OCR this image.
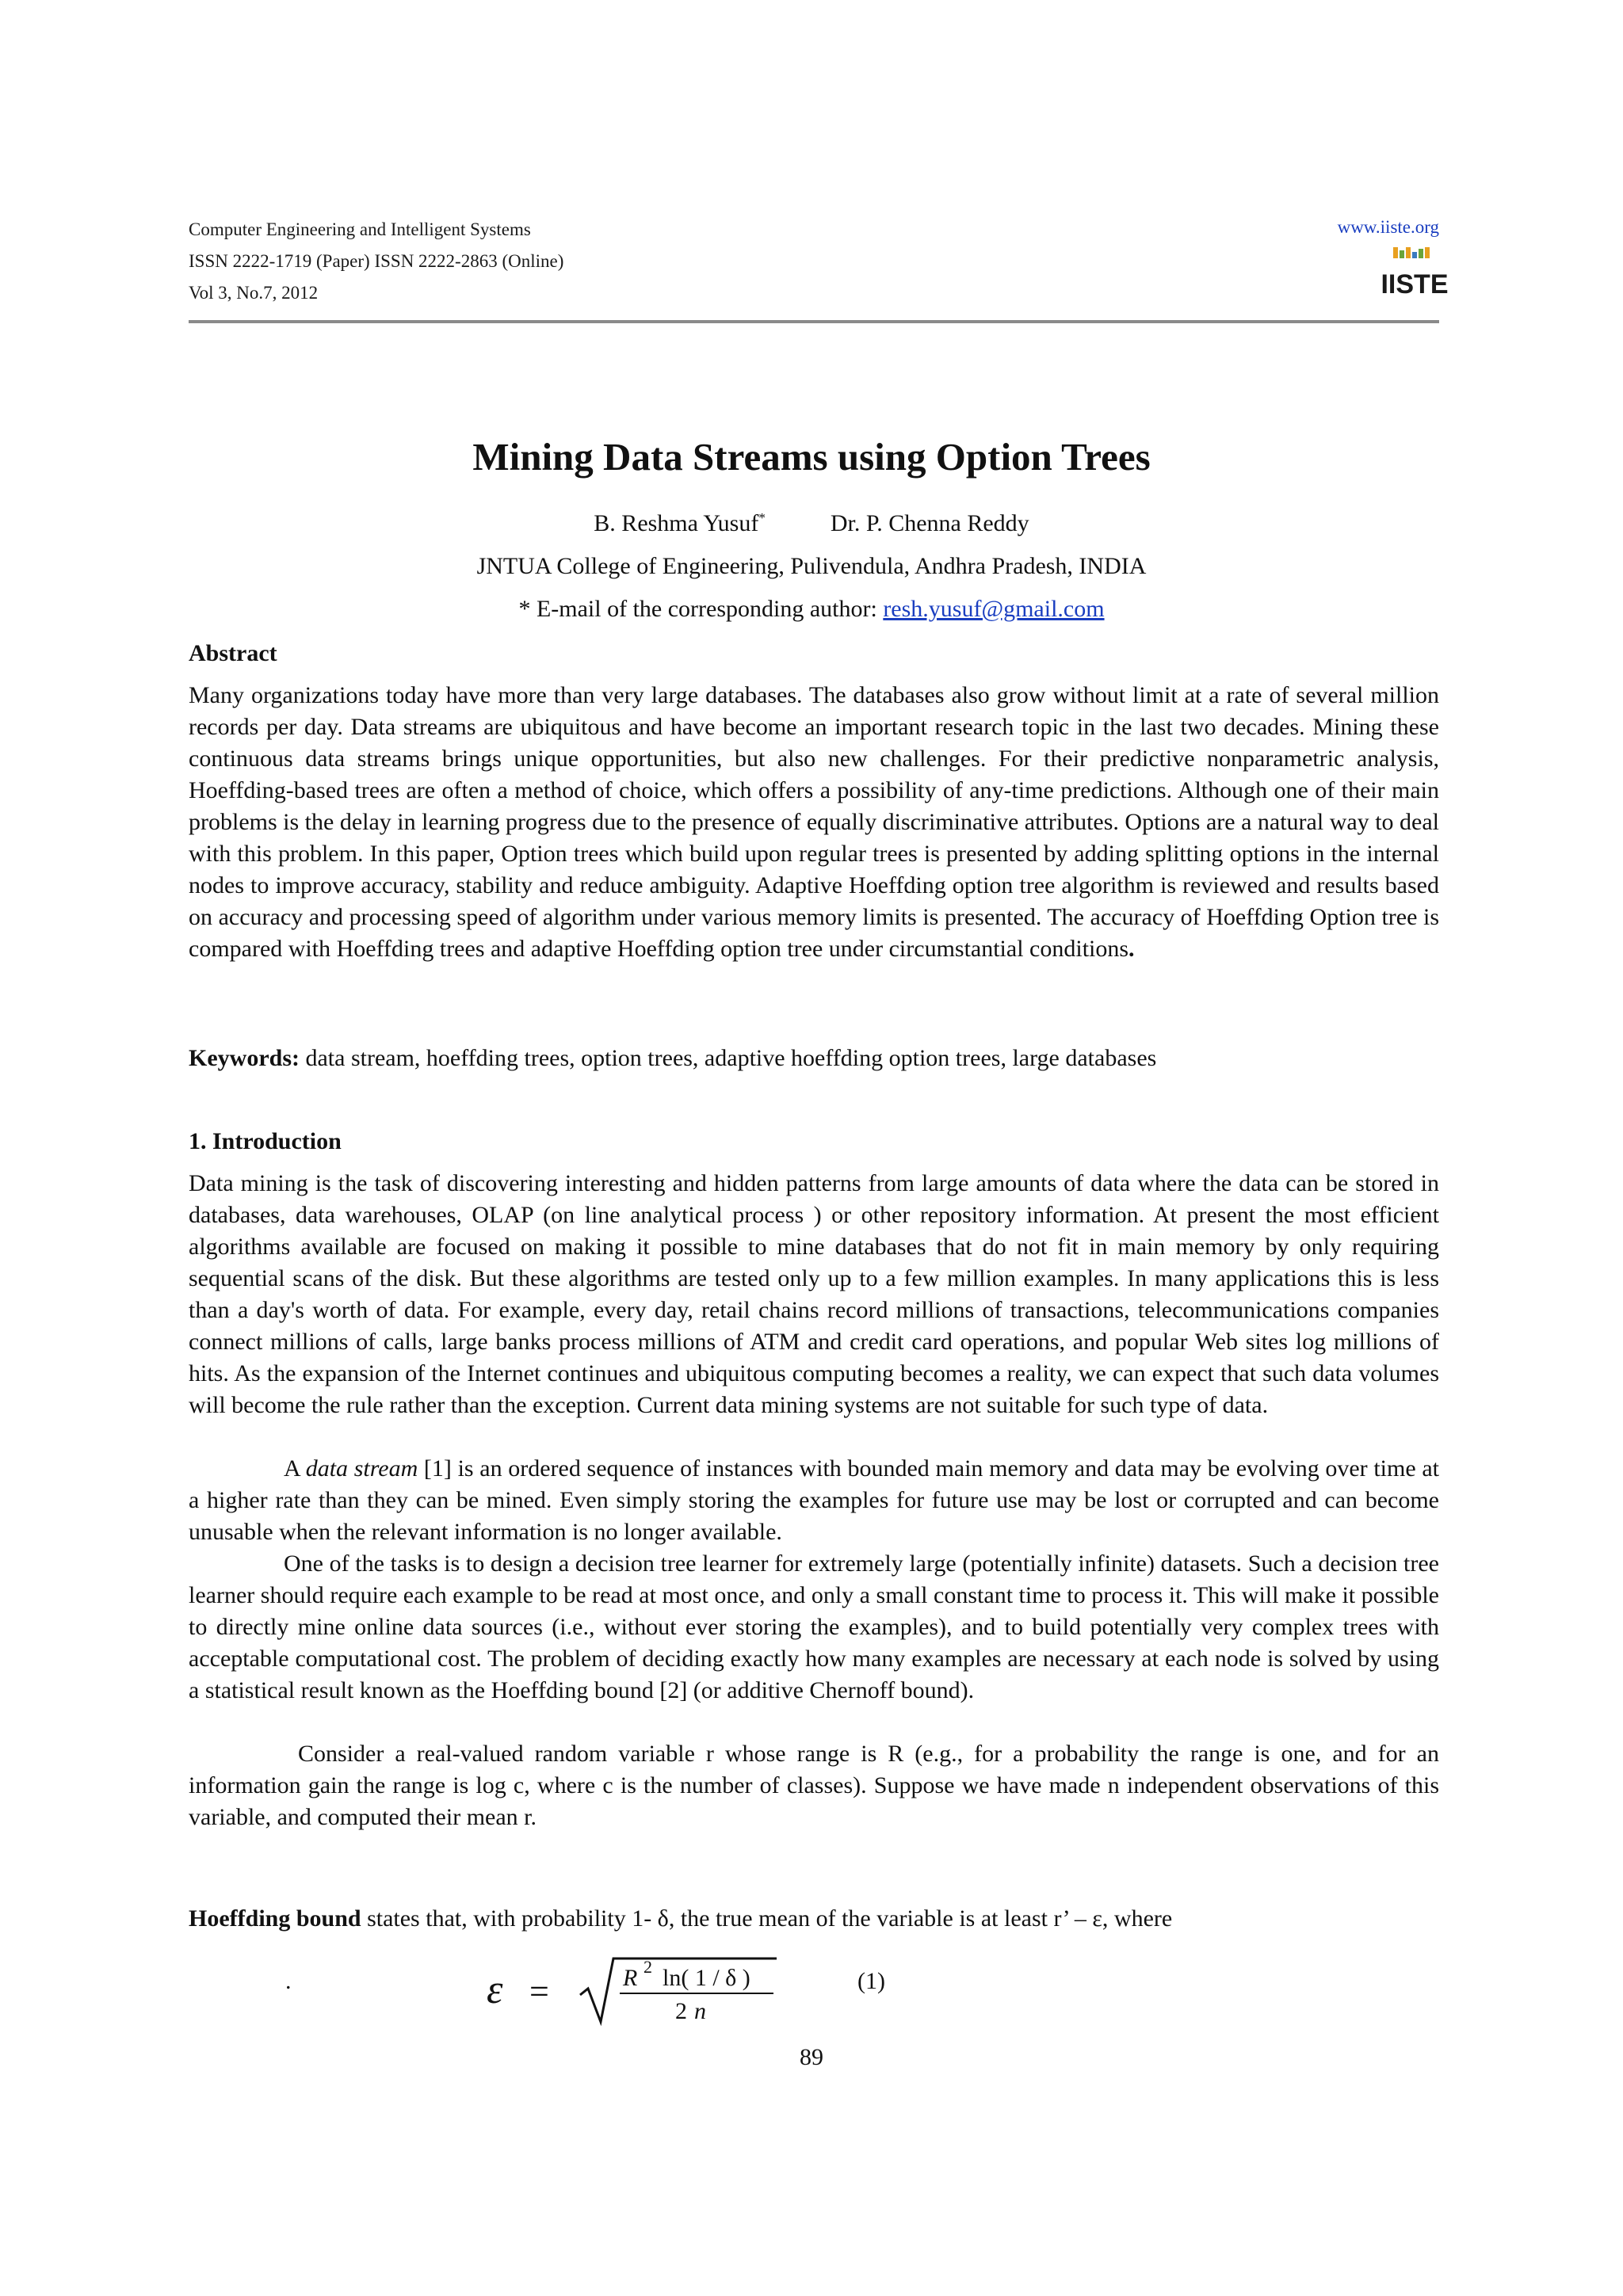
Computer Engineering and Intelligent Systems
ISSN 2222-1719 (Paper) ISSN 2222-2863 (Online)
Vol 3, No.7, 2012
www.iiste.org
IISTE
Mining Data Streams using Option Trees
B. Reshma Yusuf*	Dr. P. Chenna Reddy
JNTUA College of Engineering, Pulivendula, Andhra Pradesh, INDIA
* E-mail of the corresponding author: resh.yusuf@gmail.com
Abstract

Many organizations today have more than very large databases. The databases also grow without limit at a rate of several million records per day. Data streams are ubiquitous and have become an important research topic in the last two decades. Mining these continuous data streams brings unique opportunities, but also new challenges. For their predictive nonparametric analysis, Hoeffding-based trees are often a method of choice, which offers a possibility of any-time predictions. Although one of their main problems is the delay in learning progress due to the presence of equally discriminative attributes. Options are a natural way to deal with this problem. In this paper, Option trees which build upon regular trees is presented by adding splitting options in the internal nodes to improve accuracy, stability and reduce ambiguity. Adaptive Hoeffding option tree algorithm is reviewed and results based on accuracy and processing speed of algorithm under various memory limits is presented. The accuracy of Hoeffding Option tree is compared with Hoeffding trees and adaptive Hoeffding option tree under circumstantial conditions.

Keywords: data stream, hoeffding trees, option trees, adaptive hoeffding option trees, large databases

1. Introduction

Data mining is the task of discovering interesting and hidden patterns from large amounts of data where the data can be stored in databases, data warehouses, OLAP (on line analytical process ) or other repository information. At present the most efficient algorithms available are focused on making it possible to mine databases that do not fit in main memory by only requiring sequential scans of the disk. But these algorithms are tested only up to a few million examples. In many applications this is less than a day's worth of data. For example, every day, retail chains record millions of transactions, telecommunications companies connect millions of calls, large banks process millions of ATM and credit card operations, and popular Web sites log millions of hits. As the expansion of the Internet continues and ubiquitous computing becomes a reality, we can expect that such data volumes will become the rule rather than the exception. Current data mining systems are not suitable for such type of data.

A data stream [1] is an ordered sequence of instances with bounded main memory and data may be evolving over time at a higher rate than they can be mined. Even simply storing the examples for future use may be lost or corrupted and can become unusable when the relevant information is no longer available.

One of the tasks is to design a decision tree learner for extremely large (potentially infinite) datasets. Such a decision tree learner should require each example to be read at most once, and only a small constant time to process it. This will make it possible to directly mine online data sources (i.e., without ever storing the examples), and to build potentially very complex trees with acceptable computational cost. The problem of deciding exactly how many examples are necessary at each node is solved by using a statistical result known as the Hoeffding bound [2] (or additive Chernoff bound).

Consider a real-valued random variable r whose range is R (e.g., for a probability the range is one, and for an information gain the range is log c, where c is the number of classes). Suppose we have made n independent observations of this variable, and computed their mean r.

Hoeffding bound states that, with probability 1- δ, the true mean of the variable is at least r’ – ε, where

.	ε =	R 2 ln( 1 / δ )
2 n
(1)
89
